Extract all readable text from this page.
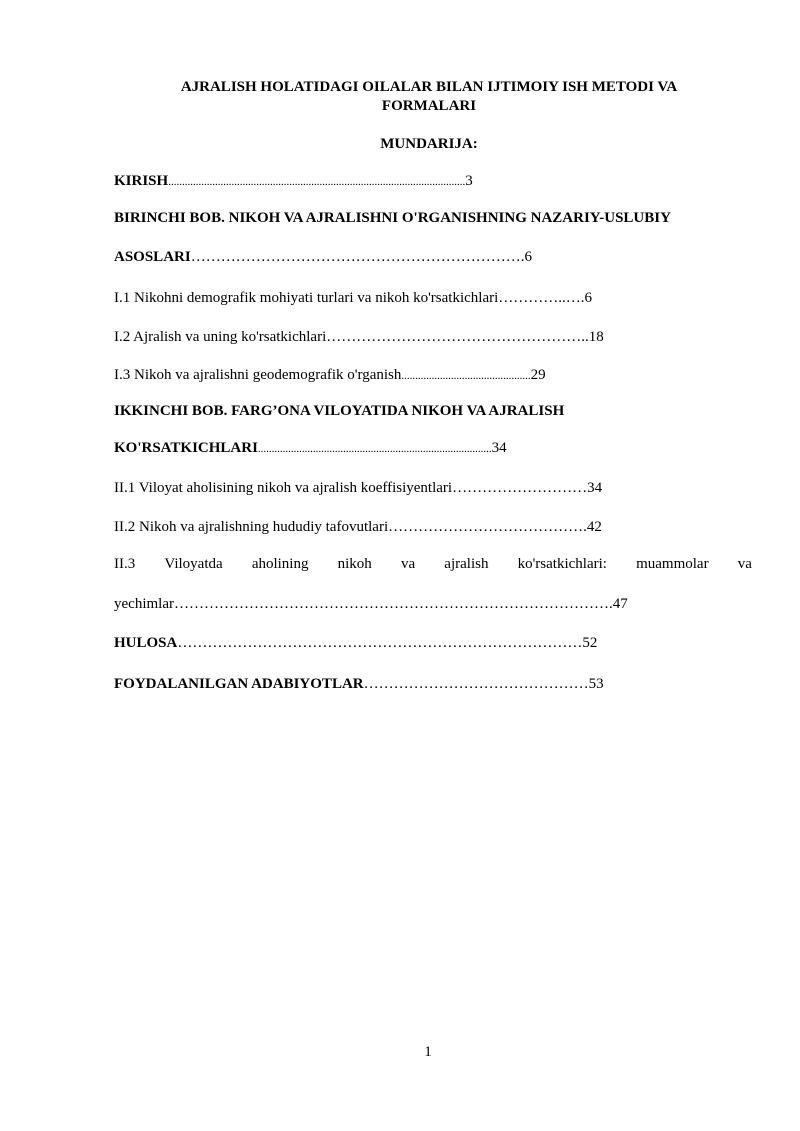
AJRALISH HOLATIDAGI OILALAR BILAN IJTIMOIY ISH METODI VA
FORMALARI
MUNDARIJA:
KIRISH............................................................................................................3
BIRINCHI BOB. NIKOH VA AJRALISHNI O'RGANISHNING NAZARIY-USLUBIY
ASOSLARI………………………………………………………….6
I.1 Nikohni demografik mohiyati turlari va nikoh ko'rsatkichlari…………..….6
I.2 Ajralish va uning ko'rsatkichlari……………………………………………..18
I.3 Nikoh va ajralishni geodemografik o'rganish...............................................29
IKKINCHI BOB. FARG’ONA VILOYATIDA NIKOH VA AJRALISH
KO'RSATKICHLARI.....................................................................................34
II.1 Viloyat aholisining nikoh va ajralish koeffisiyentlari………………………34
II.2 Nikoh va ajralishning hududiy tafovutlari………………………………….42
II.3 Viloyatda aholining nikoh va ajralish ko'rsatkichlari: muammolar va
yechimlar…………………………………………………………………………….47
HULOSA………………………………………………………………………52
FOYDALANILGAN ADABIYOTLAR………………………………………53
1
